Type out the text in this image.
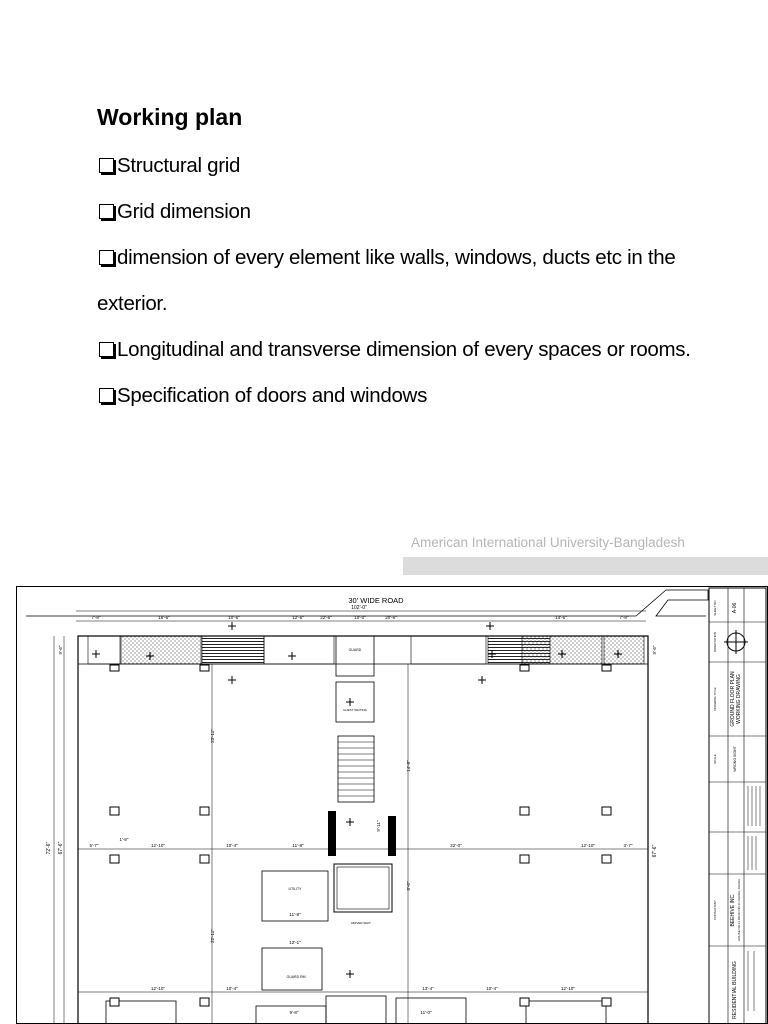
Working plan
Structural grid
Grid dimension
dimension of every element like walls, windows, ducts etc in the
exterior.
Longitudinal and transverse dimension of every spaces or rooms.
Specification of doors and windows
American International University-Bangladesh
30' WIDE ROAD
102'-0"
7'-8"	16'-6"	10'-6"	12'-6"	22'-6"	10'-0"	20'-6"	14'-6"	7'-8"
GUARD
GUEST WAITING
UTILITY
11'-8"
12'-1"
GUARD RM
DRIVER WAIT
72'-6" 67'-6"
9'-6"	9'-6"
67'-6"
5'-7"	12'-10"	10'-4"	11'-8"	22'-0"	12'-10"	3'-7"
1'-8"
23'-11"
22'-11"
14'-8"
9'-11"
8'-6"
12'-10"	10'-4"	13'-4"	10'-4"	12'-10"
11'-0"
9'-8"
A-06
SHEET NO
ORIENTATION
DRAWING TITLE	GROUND FLOOR PLAN WORKING DRAWING
SCALE	WRONG SIGHT
CONSULTANT	BEEHIVE INC. HOUSE NO.11 ROAD NO.11 DHAKA, DHAKA
RESIDENTIAL BUILDING
